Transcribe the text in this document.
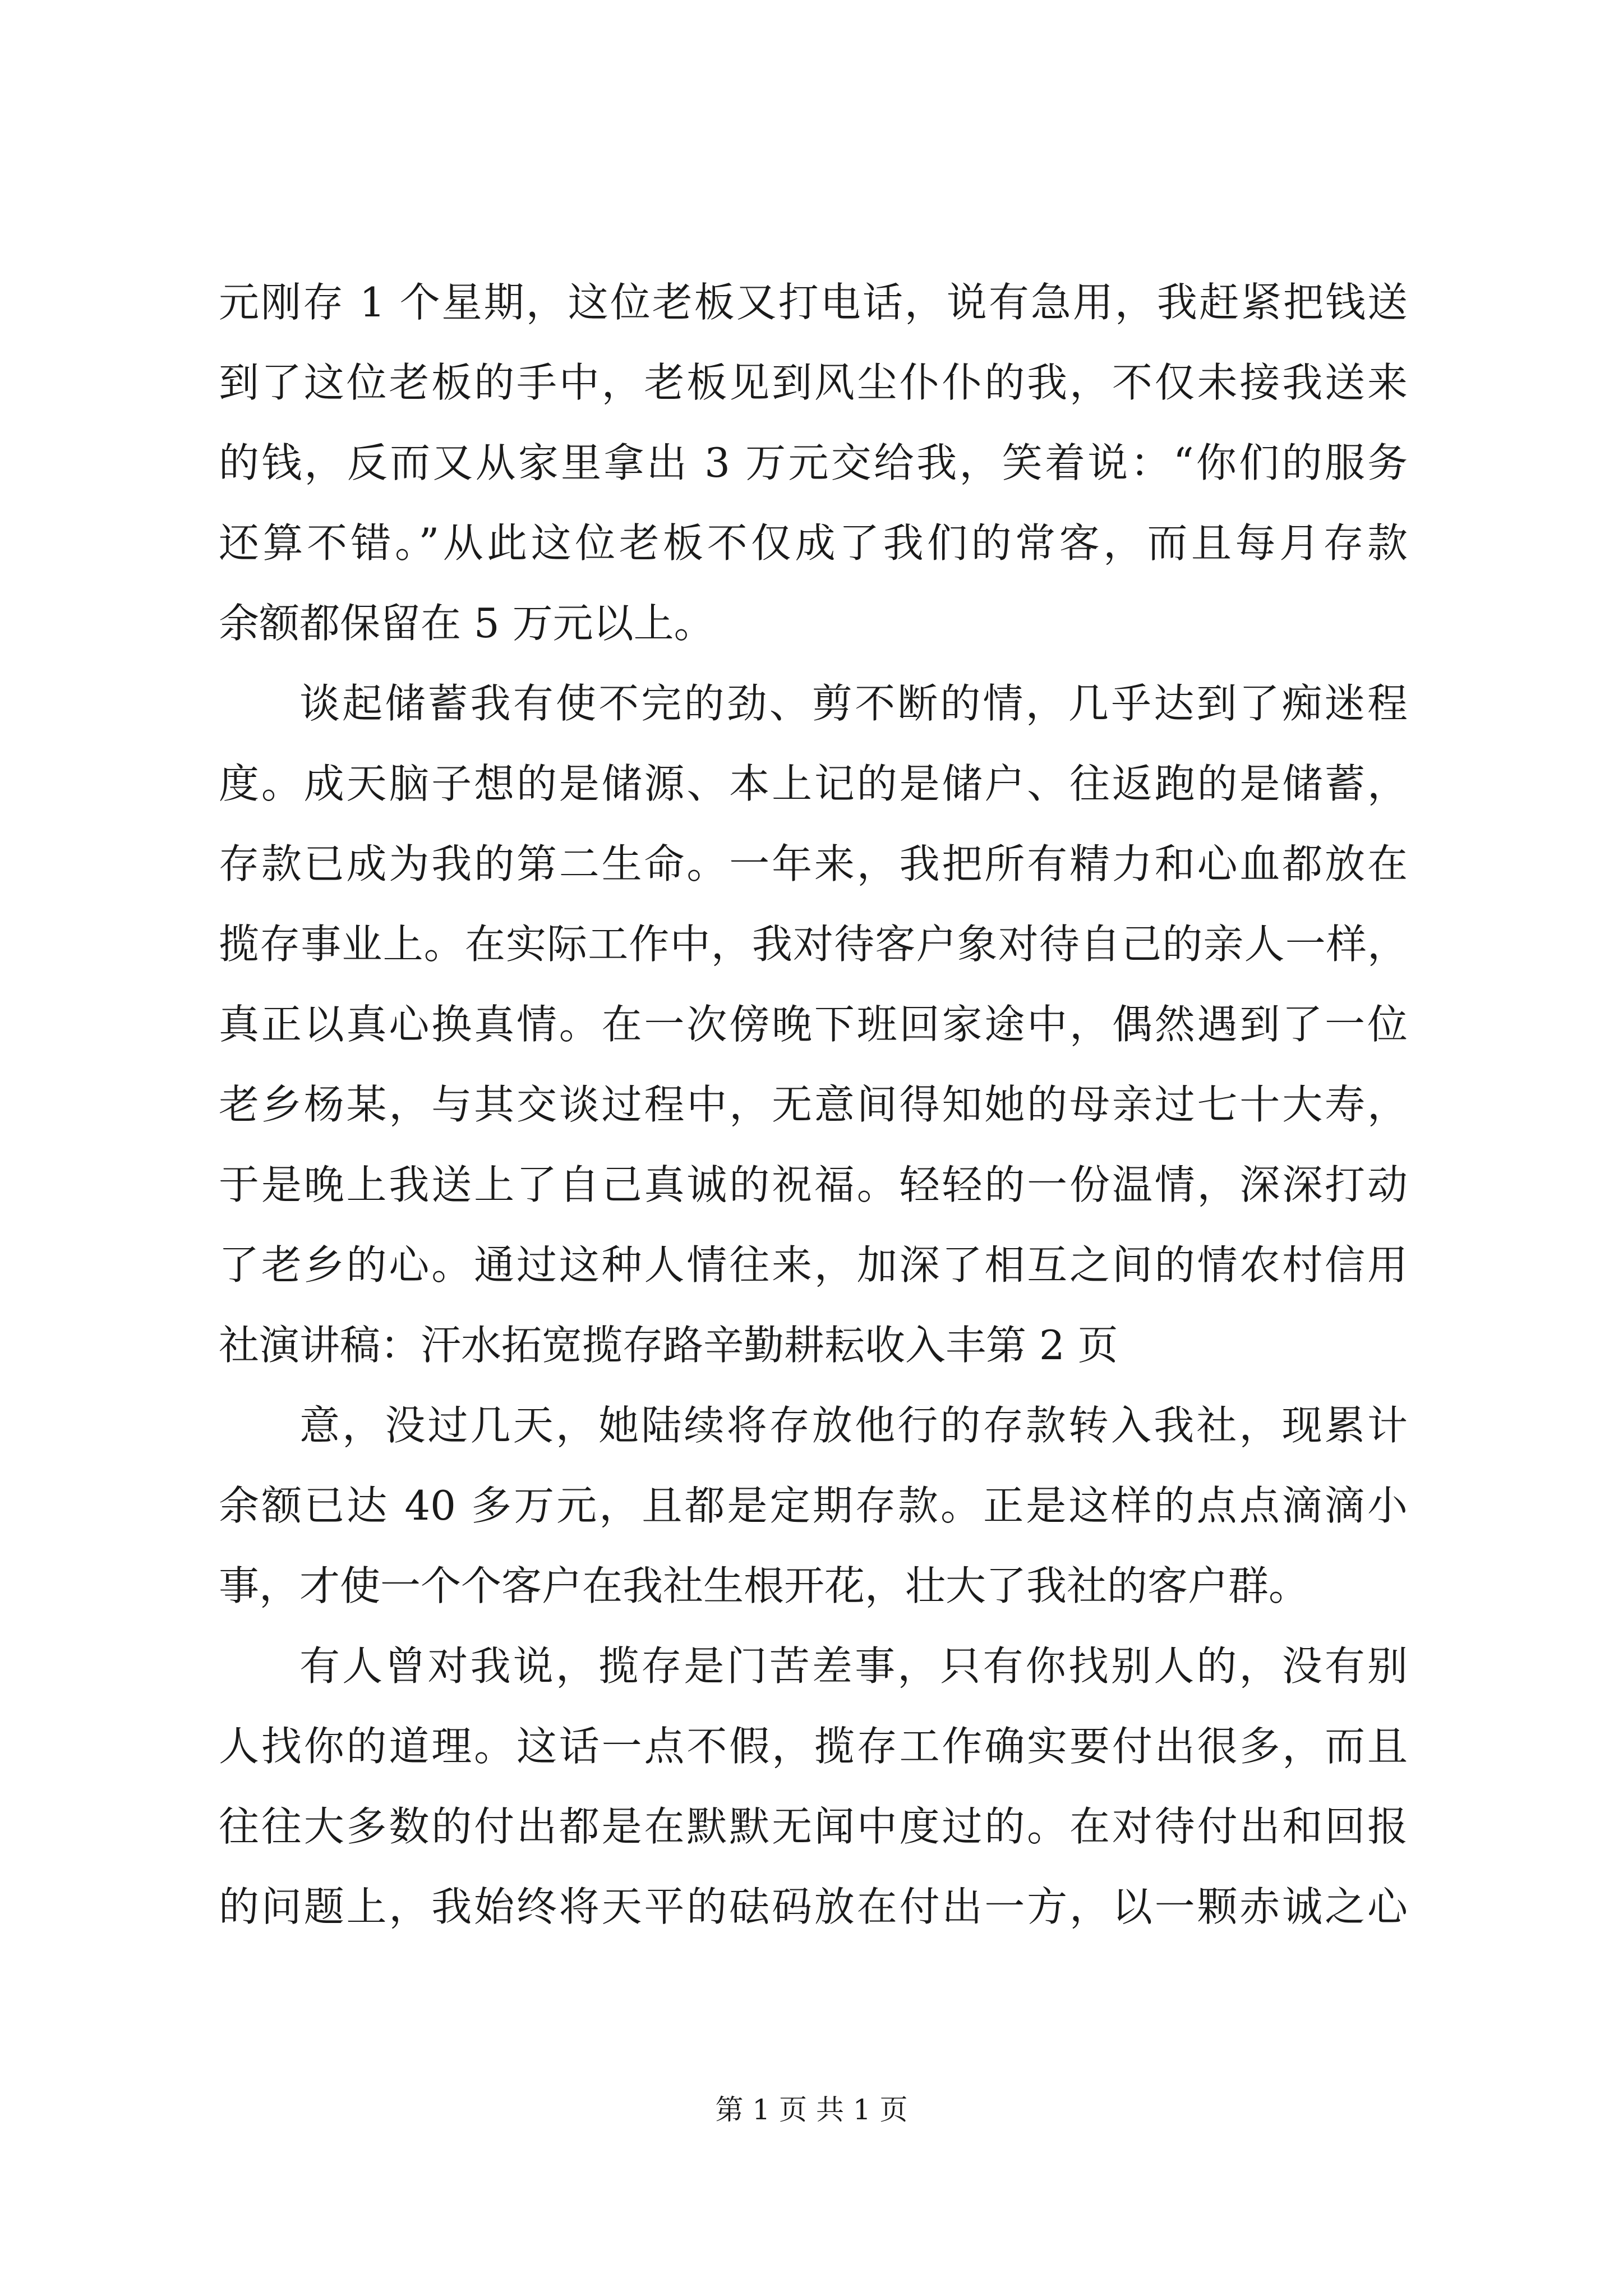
元刚存 1 个星期，这位老板又打电话，说有急用，我赶紧把钱送
到了这位老板的手中，老板见到风尘仆仆的我，不仅未接我送来
的钱，反而又从家里拿出 3 万元交给我，笑着说：“你们的服务
还算不错。”从此这位老板不仅成了我们的常客，而且每月存款
余额都保留在 5 万元以上。
谈起储蓄我有使不完的劲、剪不断的情，几乎达到了痴迷程
度。成天脑子想的是储源、本上记的是储户、往返跑的是储蓄，
存款已成为我的第二生命。一年来，我把所有精力和心血都放在
揽存事业上。在实际工作中，我对待客户象对待自己的亲人一样，
真正以真心换真情。在一次傍晚下班回家途中，偶然遇到了一位
老乡杨某，与其交谈过程中，无意间得知她的母亲过七十大寿，
于是晚上我送上了自己真诚的祝福。轻轻的一份温情，深深打动
了老乡的心。通过这种人情往来，加深了相互之间的情农村信用
社演讲稿：汗水拓宽揽存路辛勤耕耘收入丰第 2 页
意，没过几天，她陆续将存放他行的存款转入我社，现累计
余额已达 40 多万元，且都是定期存款。正是这样的点点滴滴小
事，才使一个个客户在我社生根开花，壮大了我社的客户群。
有人曾对我说，揽存是门苦差事，只有你找别人的，没有别
人找你的道理。这话一点不假，揽存工作确实要付出很多，而且
往往大多数的付出都是在默默无闻中度过的。在对待付出和回报
的问题上，我始终将天平的砝码放在付出一方，以一颗赤诚之心
第 1 页 共 1 页
